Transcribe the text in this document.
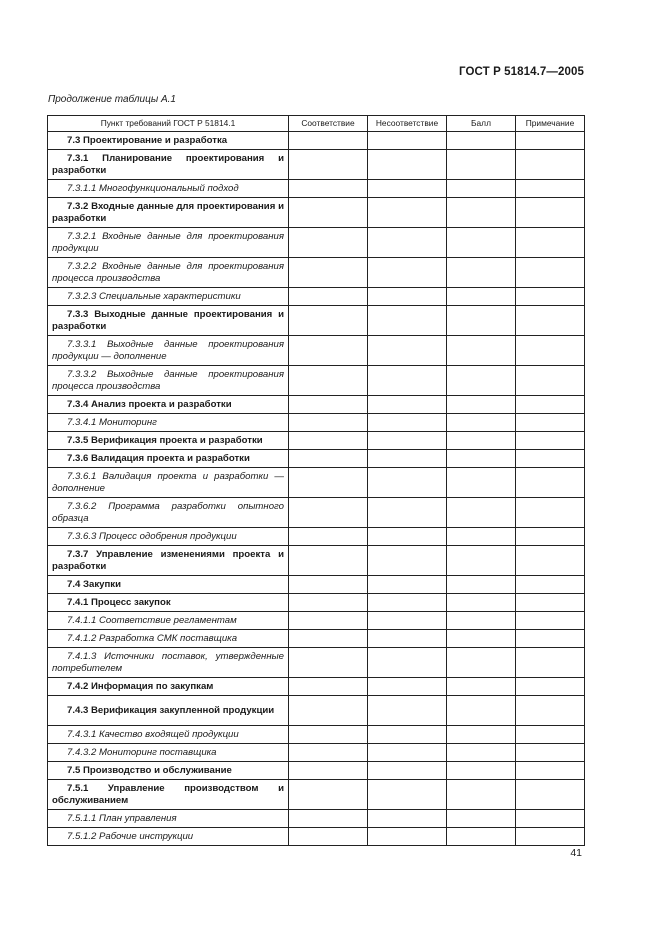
ГОСТ Р 51814.7—2005
Продолжение таблицы А.1
Пункт требований ГОСТ Р 51814.1	Соответствие	Несоответствие	Балл	Примечание

7.3 Проектирование и разработка				

7.3.1 Планирование проектирования и разработки				

7.3.1.1 Многофункциональный подход				

7.3.2 Входные данные для проектирования и разработки				

7.3.2.1 Входные данные для проектирования продукции				

7.3.2.2 Входные данные для проектирования процесса производства				

7.3.2.3 Специальные характеристики				

7.3.3 Выходные данные проектирования и разработки				

7.3.3.1 Выходные данные проектирования продукции — дополнение				

7.3.3.2 Выходные данные проектирования процесса производства				

7.3.4 Анализ проекта и разработки				

7.3.4.1 Мониторинг				

7.3.5 Верификация проекта и разработки				

7.3.6 Валидация проекта и разработки				

7.3.6.1 Валидация проекта и разработки — дополнение				

7.3.6.2 Программа разработки опытного образца				

7.3.6.3 Процесс одобрения продукции				

7.3.7 Управление изменениями проекта и разработки				

7.4 Закупки				

7.4.1 Процесс закупок				

7.4.1.1 Соответствие регламентам				

7.4.1.2 Разработка СМК поставщика				

7.4.1.3 Источники поставок, утвержденные потребителем				

7.4.2 Информация по закупкам				

7.4.3 Верификация закупленной продукции				

7.4.3.1 Качество входящей продукции				

7.4.3.2 Мониторинг поставщика				

7.5 Производство и обслуживание				

7.5.1 Управление производством и обслуживанием				

7.5.1.1 План управления				

7.5.1.2 Рабочие инструкции				

41
